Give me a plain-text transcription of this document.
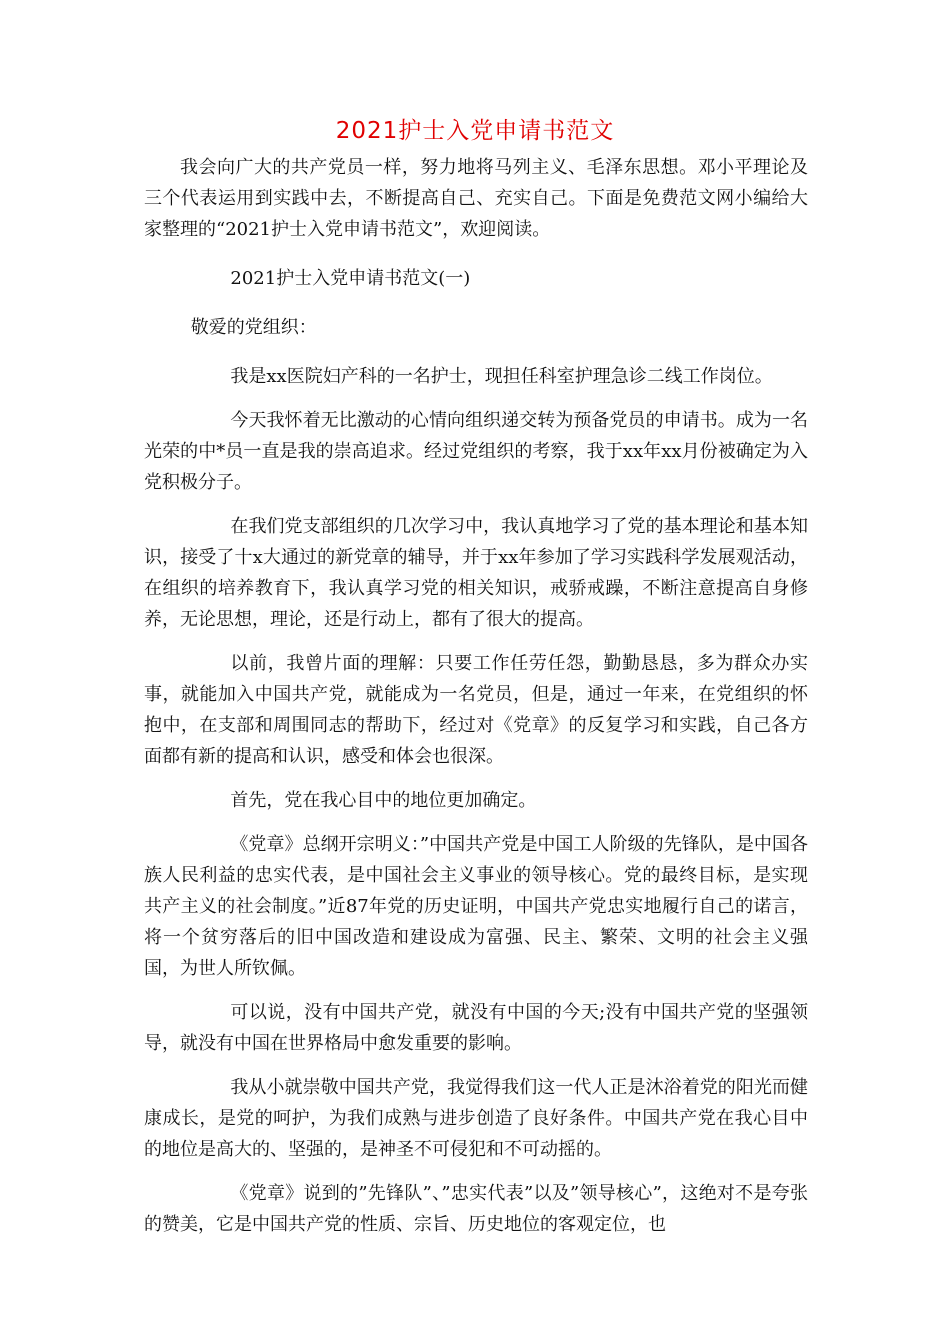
2021护士入党申请书范文

我会向广大的共产党员一样，努力地将马列主义、毛泽东思想。邓小平理论及三个代表运用到实践中去，不断提高自己、充实自己。下面是免费范文网小编给大家整理的“2021护士入党申请书范文”，欢迎阅读。

2021护士入党申请书范文(一)

敬爱的党组织：

我是xx医院妇产科的一名护士，现担任科室护理急诊二线工作岗位。

今天我怀着无比激动的心情向组织递交转为预备党员的申请书。成为一名光荣的中*员一直是我的崇高追求。经过党组织的考察，我于xx年xx月份被确定为入党积极分子。

在我们党支部组织的几次学习中，我认真地学习了党的基本理论和基本知识，接受了十x大通过的新党章的辅导，并于xx年参加了学习实践科学发展观活动，在组织的培养教育下，我认真学习党的相关知识，戒骄戒躁，不断注意提高自身修养，无论思想，理论，还是行动上，都有了很大的提高。

以前，我曾片面的理解：只要工作任劳任怨，勤勤恳恳，多为群众办实事，就能加入中国共产党，就能成为一名党员，但是，通过一年来，在党组织的怀抱中，在支部和周围同志的帮助下，经过对《党章》的反复学习和实践，自己各方面都有新的提高和认识，感受和体会也很深。

首先，党在我心目中的地位更加确定。

《党章》总纲开宗明义：”中国共产党是中国工人阶级的先锋队，是中国各族人民利益的忠实代表，是中国社会主义事业的领导核心。党的最终目标，是实现共产主义的社会制度。”近87年党的历史证明，中国共产党忠实地履行自己的诺言，将一个贫穷落后的旧中国改造和建设成为富强、民主、繁荣、文明的社会主义强国，为世人所钦佩。

可以说，没有中国共产党，就没有中国的今天;没有中国共产党的坚强领导，就没有中国在世界格局中愈发重要的影响。

我从小就崇敬中国共产党，我觉得我们这一代人正是沐浴着党的阳光而健康成长，是党的呵护，为我们成熟与进步创造了良好条件。中国共产党在我心目中的地位是高大的、坚强的，是神圣不可侵犯和不可动摇的。

《党章》说到的”先锋队”、”忠实代表”以及”领导核心”，这绝对不是夸张的赞美，它是中国共产党的性质、宗旨、历史地位的客观定位，也
